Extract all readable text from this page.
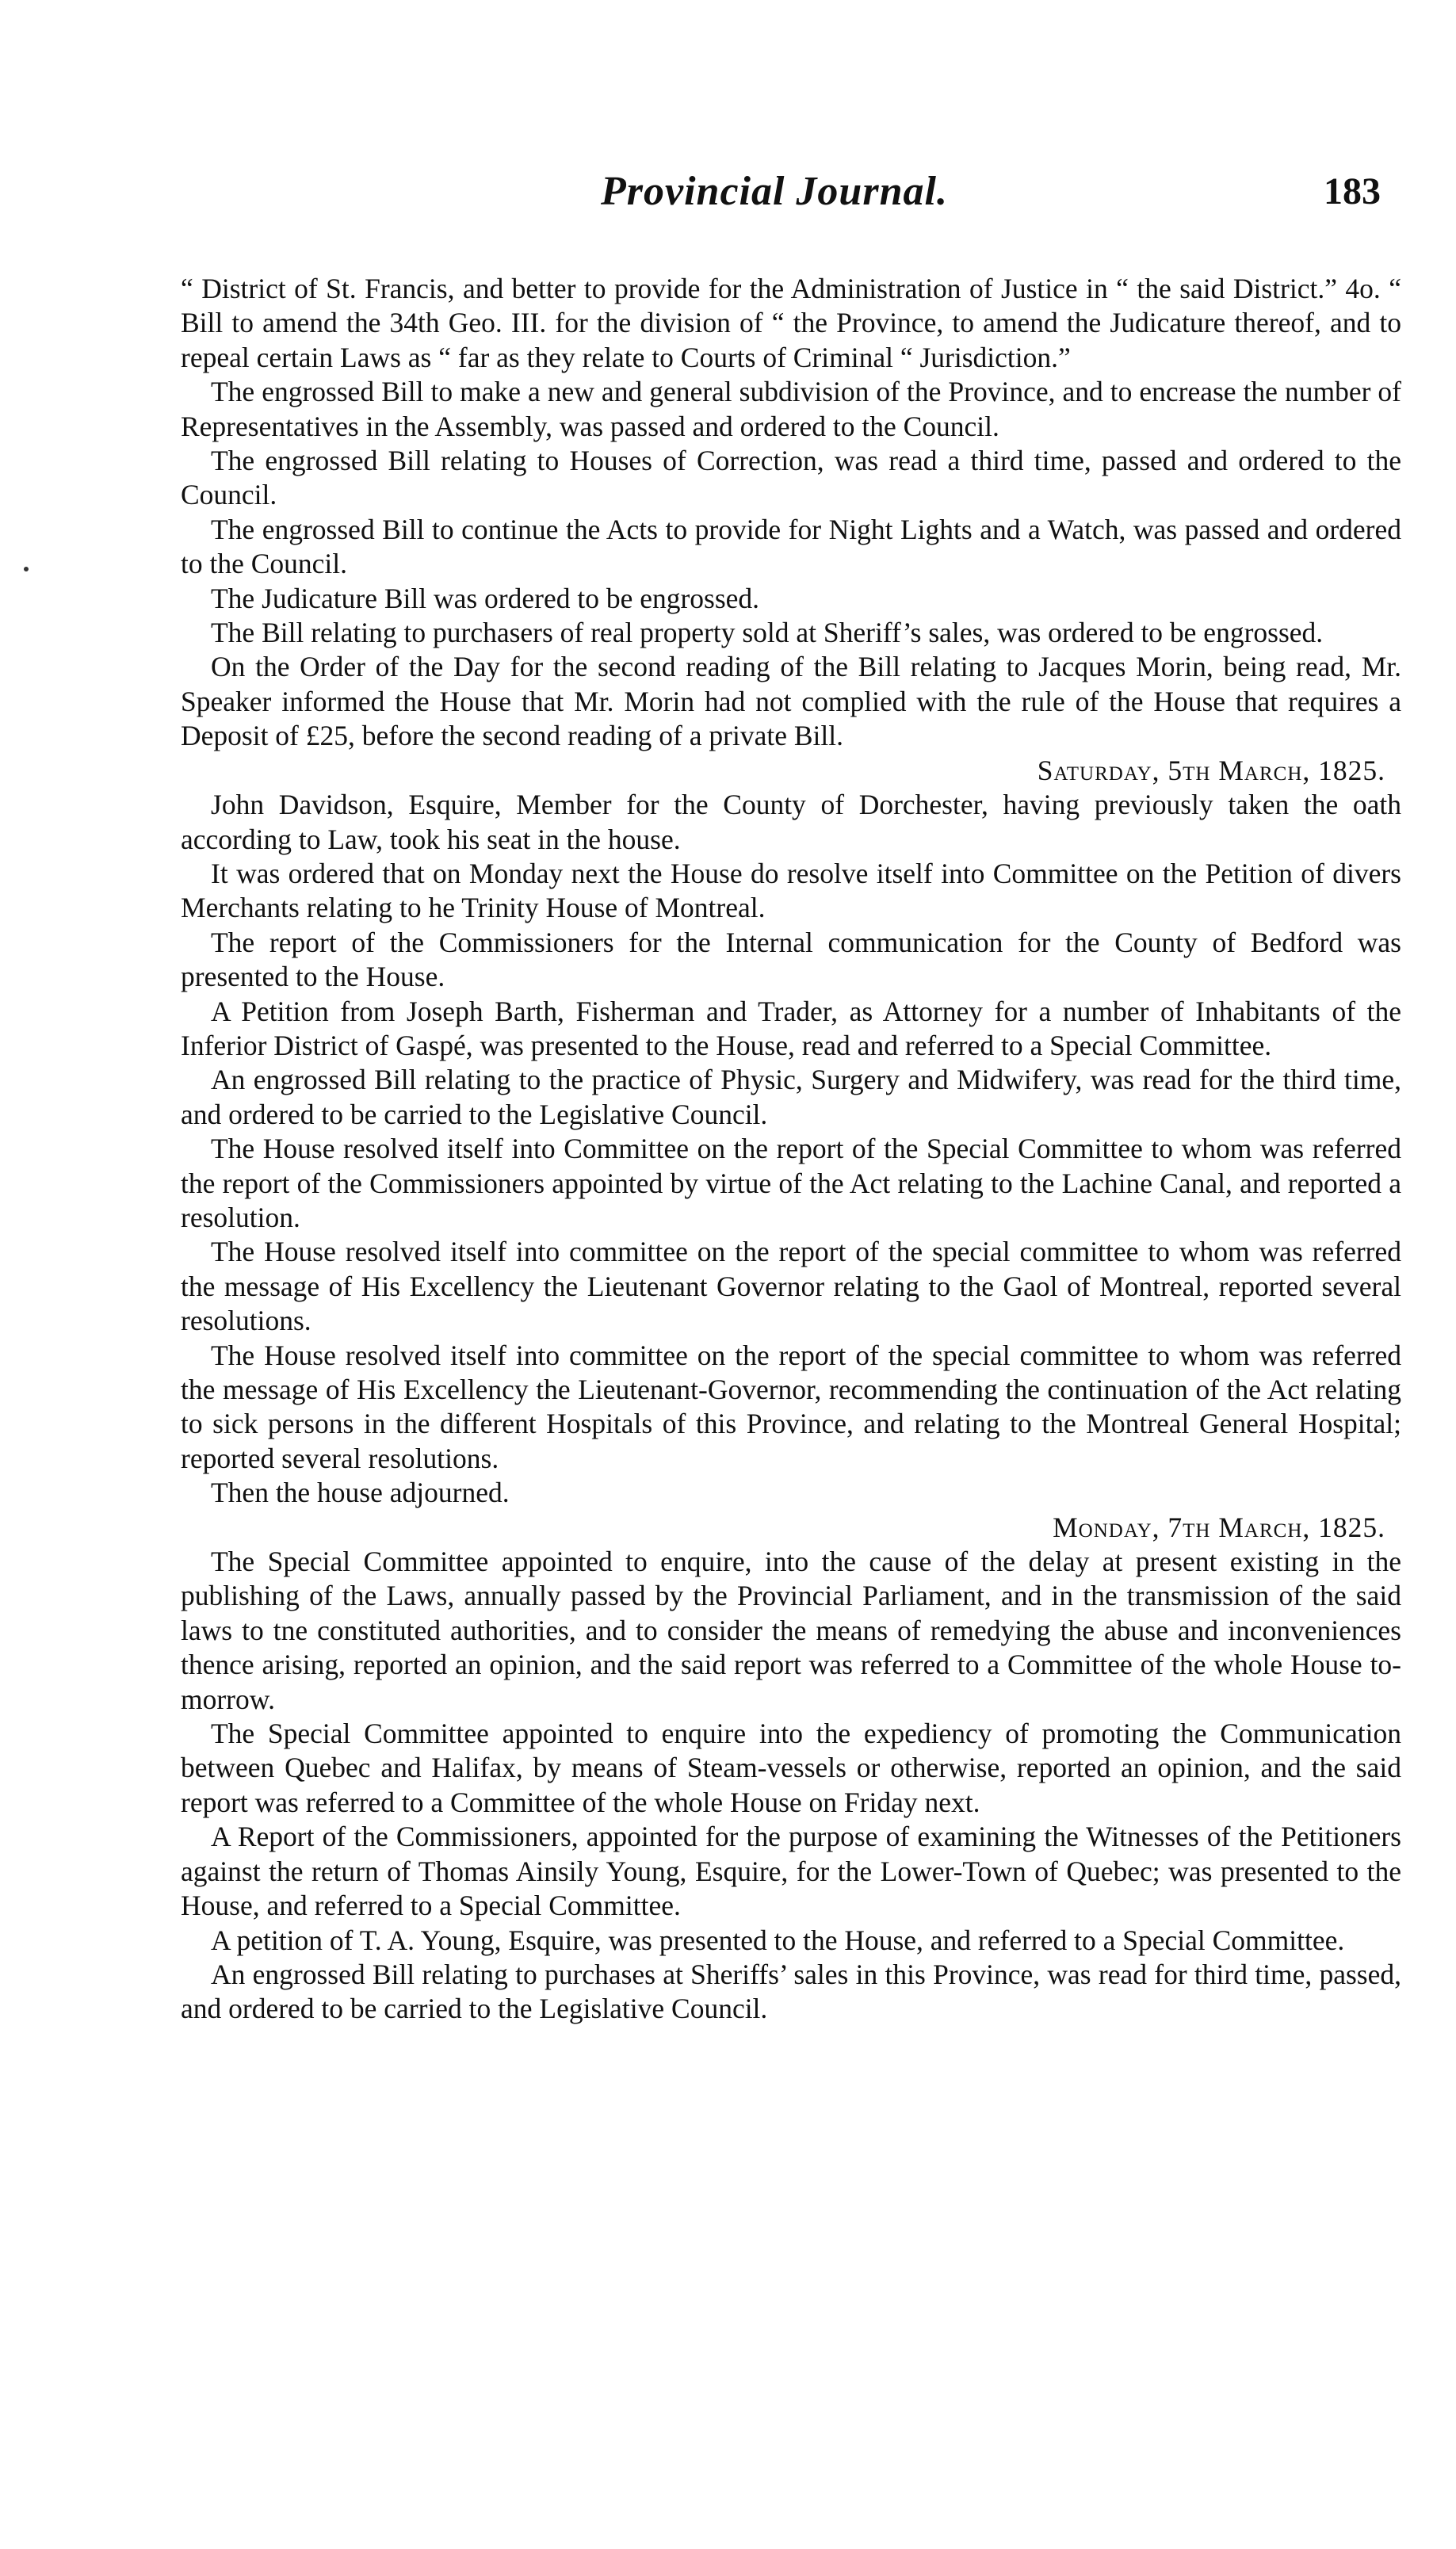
Provincial Journal.	183

“ District of St. Francis, and better to provide for the Administration of Justice in “ the said District.” 4o. “ Bill to amend the 34th Geo. III. for the division of “ the Province, to amend the Judicature thereof, and to repeal certain Laws as “ far as they relate to Courts of Criminal “ Jurisdiction.”

The engrossed Bill to make a new and general subdivision of the Province, and to encrease the number of Representatives in the Assembly, was passed and ordered to the Council.

The engrossed Bill relating to Houses of Correction, was read a third time, passed and ordered to the Council.

The engrossed Bill to continue the Acts to provide for Night Lights and a Watch, was passed and ordered to the Council.

The Judicature Bill was ordered to be engrossed.

The Bill relating to purchasers of real property sold at Sheriff’s sales, was ordered to be engrossed.

On the Order of the Day for the second reading of the Bill relating to Jacques Morin, being read, Mr. Speaker informed the House that Mr. Morin had not complied with the rule of the House that requires a Deposit of £25, before the second reading of a private Bill.

Saturday, 5th March, 1825.

John Davidson, Esquire, Member for the County of Dorchester, having previously taken the oath according to Law, took his seat in the house.

It was ordered that on Monday next the House do resolve itself into Committee on the Petition of divers Merchants relating to he Trinity House of Montreal.

The report of the Commissioners for the Internal communication for the County of Bedford was presented to the House.

A Petition from Joseph Barth, Fisherman and Trader, as Attorney for a number of Inhabitants of the Inferior District of Gaspé, was presented to the House, read and referred to a Special Committee.

An engrossed Bill relating to the practice of Physic, Surgery and Midwifery, was read for the third time, and ordered to be carried to the Legislative Council.

The House resolved itself into Committee on the report of the Special Committee to whom was referred the report of the Commissioners appointed by virtue of the Act relating to the Lachine Canal, and reported a resolution.

The House resolved itself into committee on the report of the special committee to whom was referred the message of His Excellency the Lieutenant Governor relating to the Gaol of Montreal, reported several resolutions.

The House resolved itself into committee on the report of the special committee to whom was referred the message of His Excellency the Lieutenant-Governor, recommending the continuation of the Act relating to sick persons in the different Hospitals of this Province, and relating to the Montreal General Hospital; reported several resolutions.

Then the house adjourned.

Monday, 7th March, 1825.

The Special Committee appointed to enquire, into the cause of the delay at present existing in the publishing of the Laws, annually passed by the Provincial Parliament, and in the transmission of the said laws to tne constituted authorities, and to consider the means of remedying the abuse and inconveniences thence arising, reported an opinion, and the said report was referred to a Committee of the whole House to-morrow.

The Special Committee appointed to enquire into the expediency of promoting the Communication between Quebec and Halifax, by means of Steam-vessels or otherwise, reported an opinion, and the said report was referred to a Committee of the whole House on Friday next.

A Report of the Commissioners, appointed for the purpose of examining the Witnesses of the Petitioners against the return of Thomas Ainsily Young, Esquire, for the Lower-Town of Quebec; was presented to the House, and referred to a Special Committee.

A petition of T. A. Young, Esquire, was presented to the House, and referred to a Special Committee.

An engrossed Bill relating to purchases at Sheriffs’ sales in this Province, was read for third time, passed, and ordered to be carried to the Legislative Council.
